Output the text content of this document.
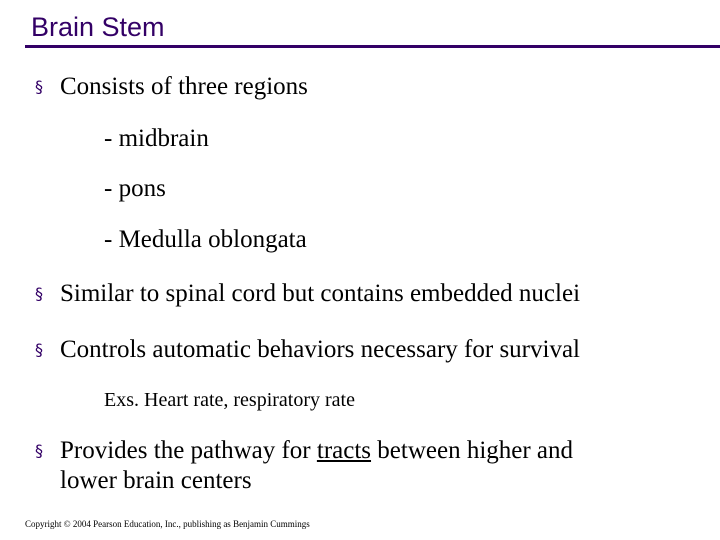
Brain Stem
§ Consists of three regions
- midbrain
- pons
- Medulla oblongata
§ Similar to spinal cord but contains embedded nuclei
§ Controls automatic behaviors necessary for survival
Exs. Heart rate, respiratory rate
§ Provides the pathway for tracts between higher and
lower brain centers
Copyright © 2004 Pearson Education, Inc., publishing as Benjamin Cummings
